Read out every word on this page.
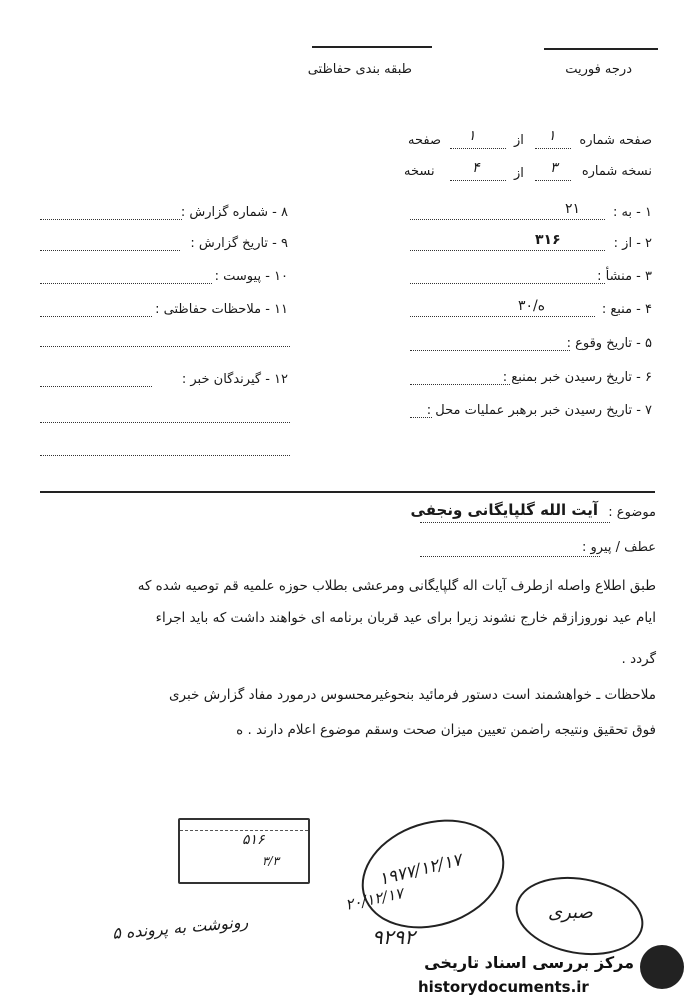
درجه فوریت
طبقه بندی حفاظتی
صفحه شماره
۱
از
۱
صفحه
نسخه شماره
۳
از
۴
نسخه
۱ - به :
۲۱
۲ - از :
۳۱۶
۳ - منشأ :
۴ - منبع :
۳۰/ه
۵ - تاریخ وقوع :
۶ - تاریخ رسیدن خبر بمنبع :
۷ - تاریخ رسیدن خبر برهبر عملیات محل :
۸ - شماره گزارش :
۹ - تاریخ گزارش :
۱۰ - پیوست :
۱۱ - ملاحظات حفاظتی :
۱۲ - گیرندگان خبر :
موضوع :
آیت الله گلپایگانی ونجفی
عطف / پیرو :
طبق اطلاع واصله ازطرف آیات اله گلپایگانی ومرعشی بطلاب حوزه علمیه قم توصیه شده که
ایام عید نوروزازقم خارج نشوند زیرا برای عید قربان برنامه ای خواهند داشت که باید اجراء
گردد .
ملاحظات ـ خواهشمند است دستور فرمائید بنحوغیرمحسوس درمورد مفاد گزارش خبری
فوق تحقیق ونتیجه راضمن تعیین میزان صحت وسقم موضوع اعلام دارند . ه
۵۱۶
۳/۳	۱۹۷۷/۱۲/۱۷
۲۰/۱۲/۱۷
۹۲۹۲
صبری
رونوشت به پرونده ۵
مرکز بررسی اسناد تاریخی
historydocuments.ir
